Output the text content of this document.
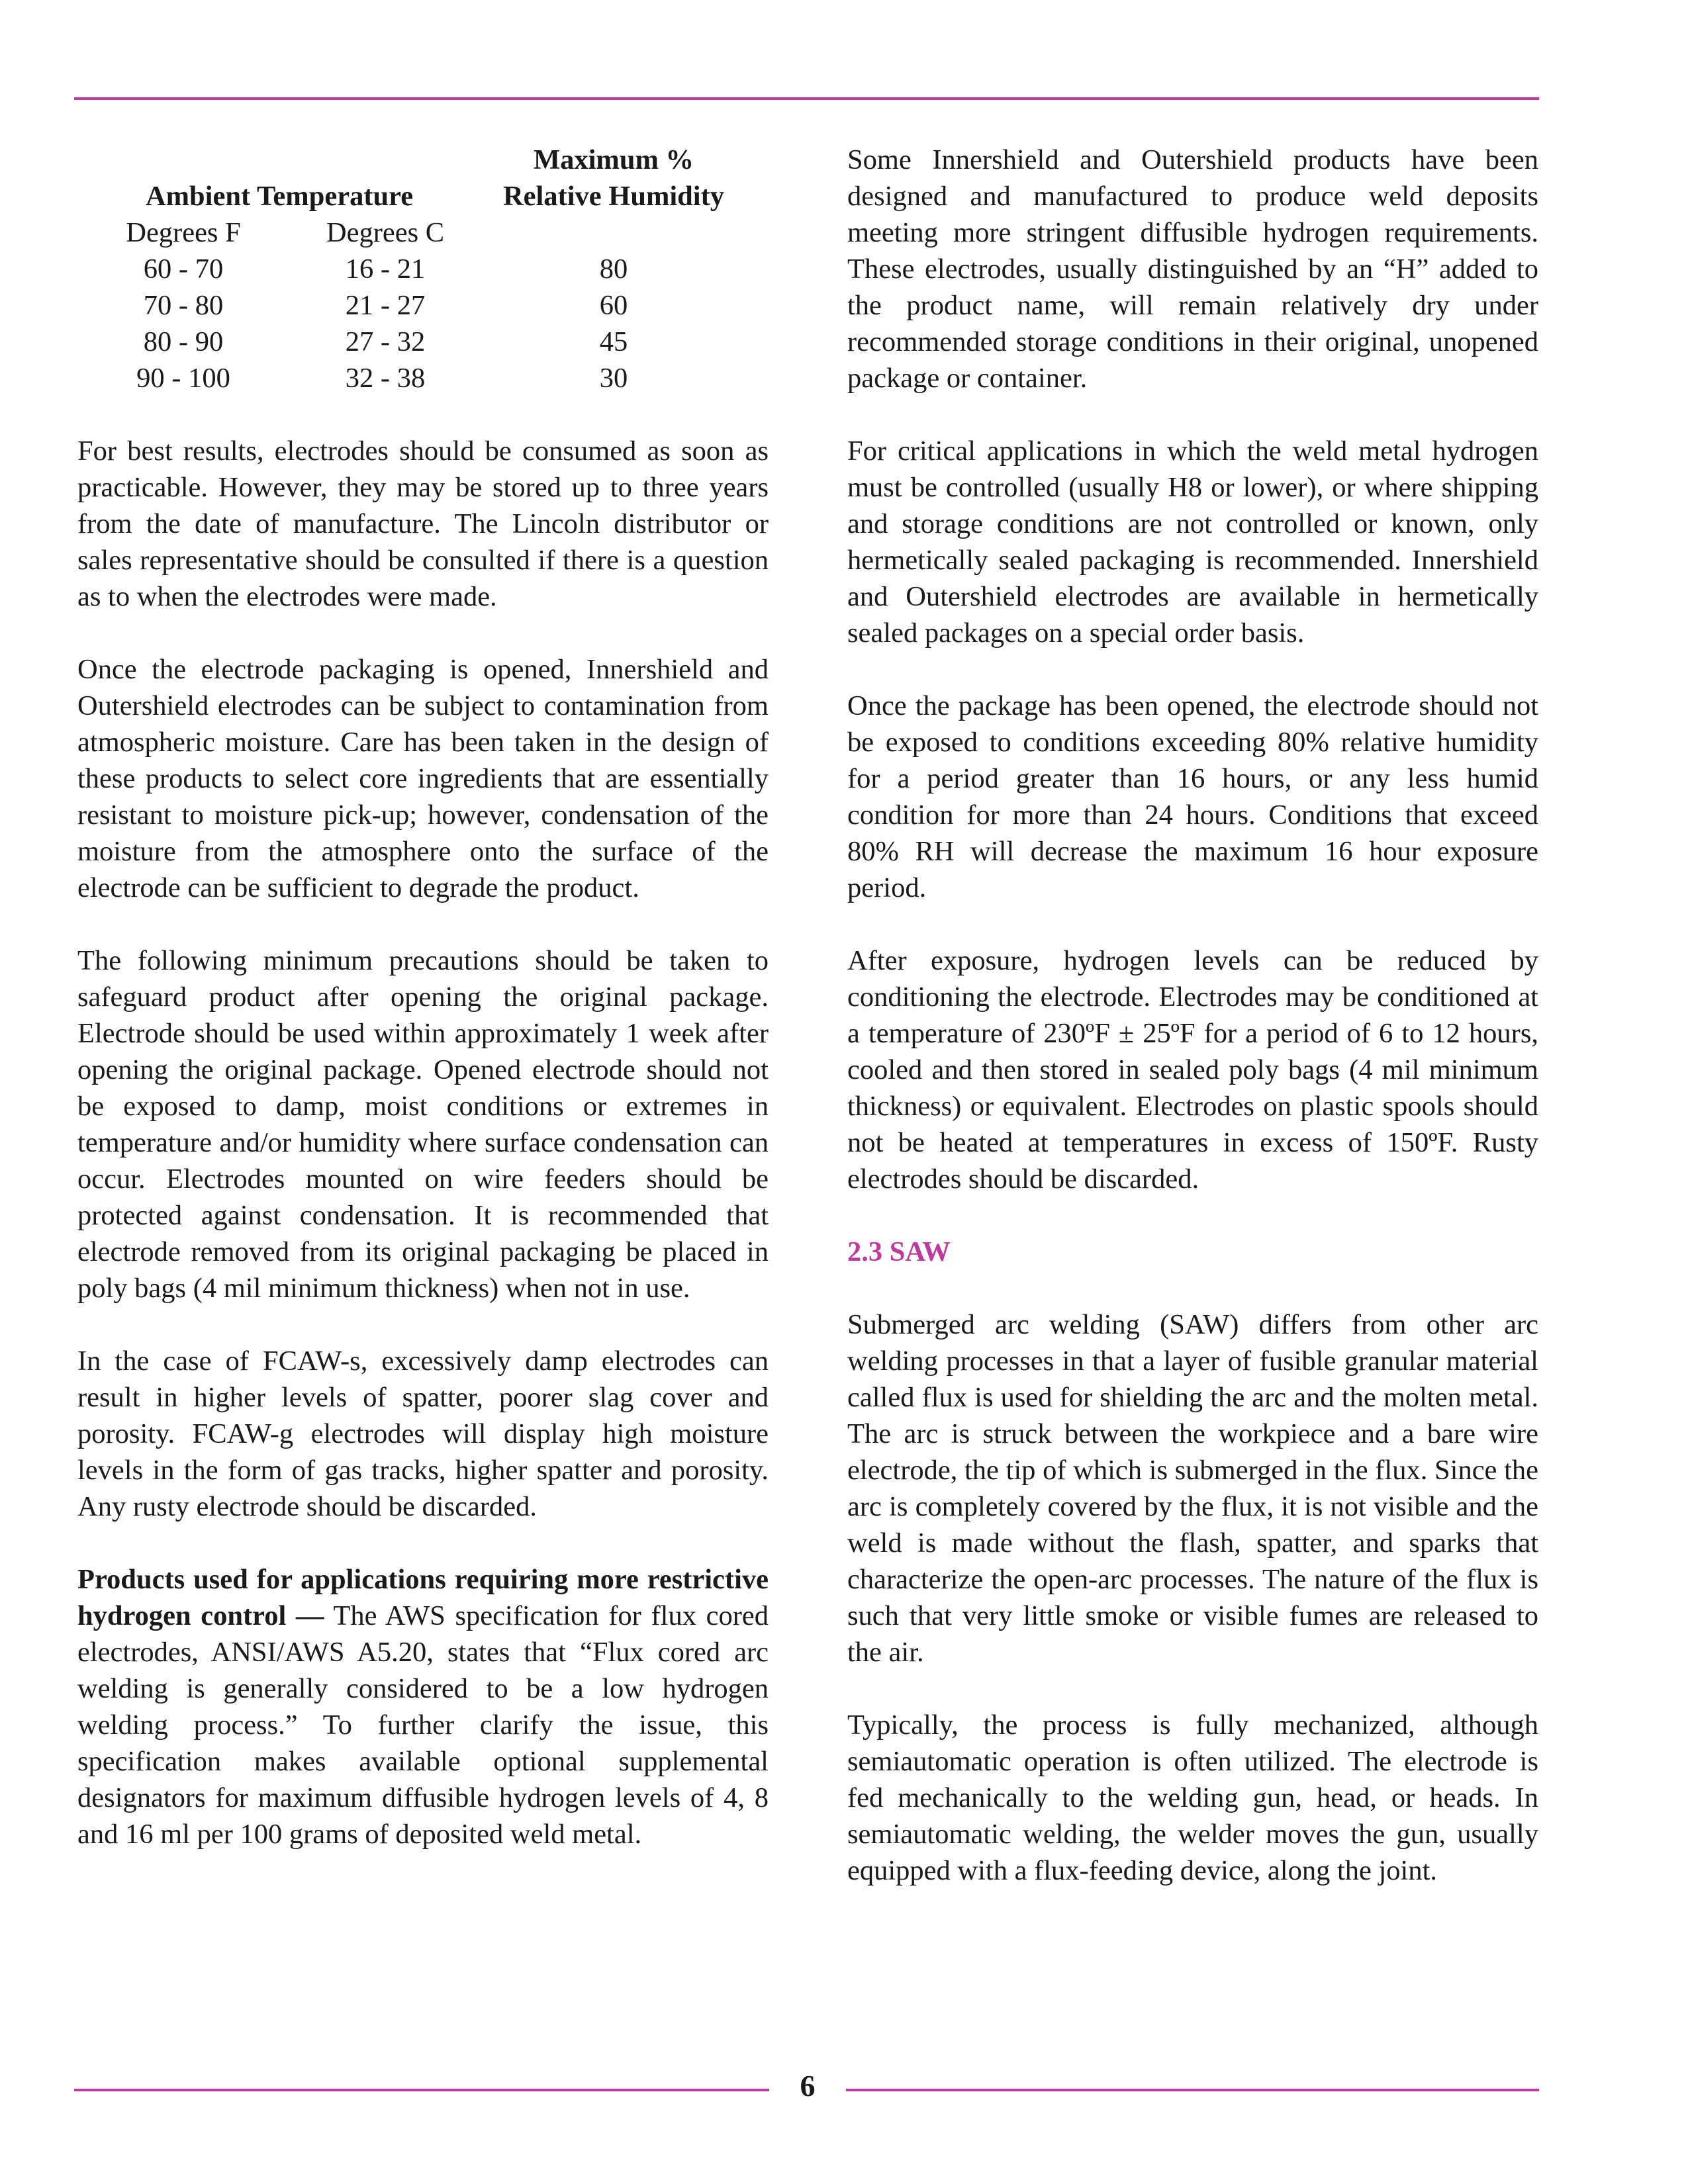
		Maximum %
Ambient Temperature		Relative Humidity
Degrees F	Degrees C	
60 - 70	16 - 21	80
70 - 80	21 - 27	60
80 - 90	27 - 32	45
90 - 100	32 - 38	30

For best results, electrodes should be consumed as soon as practicable. However, they may be stored up to three years from the date of manufacture. The Lincoln distributor or sales representative should be consulted if there is a question as to when the electrodes were made.

Once the electrode packaging is opened, Innershield and Outershield electrodes can be subject to contamination from atmospheric moisture. Care has been taken in the design of these products to select core ingredients that are essentially resistant to moisture pick-up; however, condensation of the moisture from the atmosphere onto the surface of the electrode can be sufficient to degrade the product.

The following minimum precautions should be taken to safeguard product after opening the original package. Electrode should be used within approximately 1 week after opening the original package. Opened electrode should not be exposed to damp, moist conditions or extremes in temperature and/or humidity where surface condensation can occur. Electrodes mounted on wire feeders should be protected against condensation. It is recommended that electrode removed from its original packaging be placed in poly bags (4 mil minimum thickness) when not in use.

In the case of FCAW-s, excessively damp electrodes can result in higher levels of spatter, poorer slag cover and porosity. FCAW-g electrodes will display high moisture levels in the form of gas tracks, higher spatter and porosity. Any rusty electrode should be discarded.

Products used for applications requiring more restrictive hydrogen control — The AWS specification for flux cored electrodes, ANSI/AWS A5.20, states that “Flux cored arc welding is generally considered to be a low hydrogen welding process.” To further clarify the issue, this specification makes available optional supplemental designators for maximum diffusible hydrogen levels of 4, 8 and 16 ml per 100 grams of deposited weld metal.

Some Innershield and Outershield products have been designed and manufactured to produce weld deposits meeting more stringent diffusible hydrogen requirements. These electrodes, usually distinguished by an “H” added to the product name, will remain relatively dry under recommended storage conditions in their original, unopened package or container.

For critical applications in which the weld metal hydrogen must be controlled (usually H8 or lower), or where shipping and storage conditions are not controlled or known, only hermetically sealed packaging is recommended. Innershield and Outershield electrodes are available in hermetically sealed packages on a special order basis.

Once the package has been opened, the electrode should not be exposed to conditions exceeding 80% relative humidity for a period greater than 16 hours, or any less humid condition for more than 24 hours. Conditions that exceed 80% RH will decrease the maximum 16 hour exposure period.

After exposure, hydrogen levels can be reduced by conditioning the electrode. Electrodes may be conditioned at a temperature of 230ºF ± 25ºF for a period of 6 to 12 hours, cooled and then stored in sealed poly bags (4 mil minimum thickness) or equivalent. Electrodes on plastic spools should not be heated at temperatures in excess of 150ºF. Rusty electrodes should be discarded.

2.3 SAW

Submerged arc welding (SAW) differs from other arc welding processes in that a layer of fusible granular material called flux is used for shielding the arc and the molten metal. The arc is struck between the workpiece and a bare wire electrode, the tip of which is submerged in the flux. Since the arc is completely covered by the flux, it is not visible and the weld is made without the flash, spatter, and sparks that characterize the open-arc processes. The nature of the flux is such that very little smoke or visible fumes are released to the air.

Typically, the process is fully mechanized, although semiautomatic operation is often utilized. The electrode is fed mechanically to the welding gun, head, or heads. In semiautomatic welding, the welder moves the gun, usually equipped with a flux-feeding device, along the joint.

6
